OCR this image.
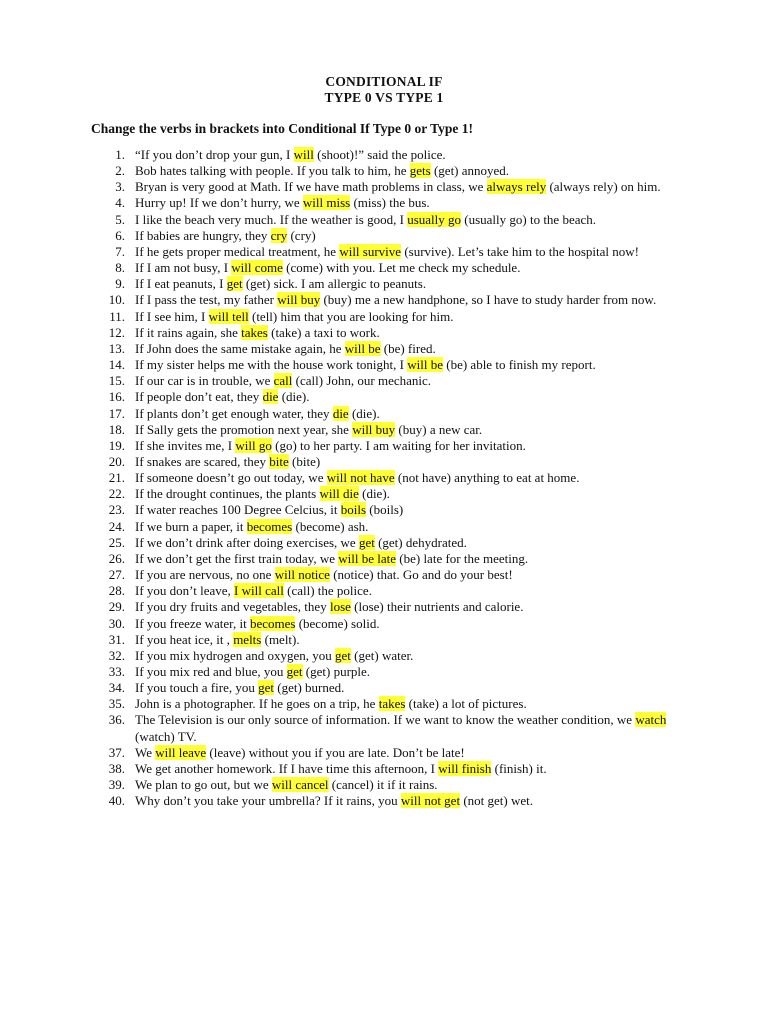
CONDITIONAL IF
TYPE 0 VS TYPE 1
Change the verbs in brackets into Conditional If Type 0 or Type 1!
1. “If you don’t drop your gun, I will (shoot)!” said the police.
2. Bob hates talking with people. If you talk to him, he gets (get) annoyed.
3. Bryan is very good at Math. If we have math problems in class, we always rely (always rely) on him.
4. Hurry up! If we don’t hurry, we will miss (miss) the bus.
5. I like the beach very much. If the weather is good, I usually go (usually go) to the beach.
6. If babies are hungry, they cry (cry)
7. If he gets proper medical treatment, he will survive (survive). Let’s take him to the hospital now!
8. If I am not busy, I will come (come) with you. Let me check my schedule.
9. If I eat peanuts, I get (get) sick. I am allergic to peanuts.
10. If I pass the test, my father will buy (buy) me a new handphone, so I have to study harder from now.
11. If I see him, I will tell (tell) him that you are looking for him.
12. If it rains again, she takes (take) a taxi to work.
13. If John does the same mistake again, he will be (be) fired.
14. If my sister helps me with the house work tonight, I will be (be) able to finish my report.
15. If our car is in trouble, we call (call) John, our mechanic.
16. If people don’t eat, they die (die).
17. If plants don’t get enough water, they die (die).
18. If Sally gets the promotion next year, she will buy (buy) a new car.
19. If she invites me, I will go (go) to her party. I am waiting for her invitation.
20. If snakes are scared, they bite (bite)
21. If someone doesn’t go out today, we will not have (not have) anything to eat at home.
22. If the drought continues, the plants will die (die).
23. If water reaches 100 Degree Celcius, it boils (boils)
24. If we burn a paper, it becomes (become) ash.
25. If we don’t drink after doing exercises, we get (get) dehydrated.
26. If we don’t get the first train today, we will be late (be) late for the meeting.
27. If you are nervous, no one will notice (notice) that. Go and do your best!
28. If you don’t leave, I will call (call) the police.
29. If you dry fruits and vegetables, they lose (lose) their nutrients and calorie.
30. If you freeze water, it becomes (become) solid.
31. If you heat ice, it , melts (melt).
32. If you mix hydrogen and oxygen, you get (get) water.
33. If you mix red and blue, you get (get) purple.
34. If you touch a fire, you get (get) burned.
35. John is a photographer. If he goes on a trip, he takes (take) a lot of pictures.
36. The Television is our only source of information. If we want to know the weather condition, we watch (watch) TV.
37. We will leave (leave) without you if you are late. Don’t be late!
38. We get another homework. If I have time this afternoon, I will finish (finish) it.
39. We plan to go out, but we will cancel (cancel) it if it rains.
40. Why don’t you take your umbrella? If it rains, you will not get (not get) wet.
